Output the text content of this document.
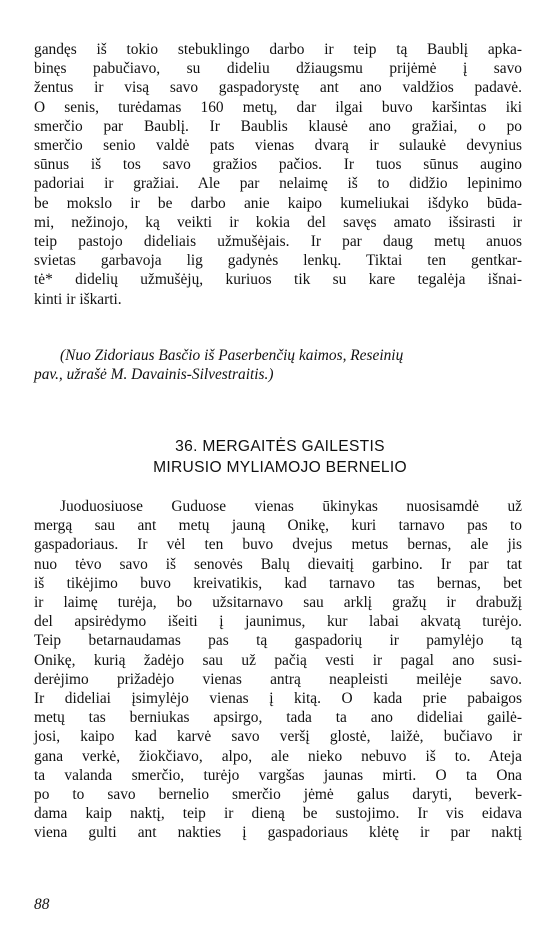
gandęs iš tokio stebuklingo darbo ir teip tą Baublį apka-
binęs pabučiavo, su dideliu džiaugsmu prijėmė į savo
žentus ir visą savo gaspadorystę ant ano valdžios padavė.
O senis, turėdamas 160 metų, dar ilgai buvo karšintas iki
smerčio par Baublį. Ir Baublis klausė ano gražiai, o po
smerčio senio valdė pats vienas dvarą ir sulaukė devynius
sūnus iš tos savo gražios pačios. Ir tuos sūnus augino
padoriai ir gražiai. Ale par nelaimę iš to didžio lepinimo
be mokslo ir be darbo anie kaipo kumeliukai išdyko būda-
mi, nežinojo, ką veikti ir kokia del savęs amato išsirasti ir
teip pastojo dideliais užmušėjais. Ir par daug metų anuos
svietas garbavoja lig gadynės lenkų. Tiktai ten gentkar-
tė* didelių užmušėjų, kuriuos tik su kare tegalėja išnai-
kinti ir iškarti.
(Nuo Zidoriaus Basčio iš Paserbenčių kaimos, Reseinių
pav., užrašė M. Davainis-Silvestraitis.)
36. MERGAITĖS GAILESTIS
MIRUSIO MYLIAMOJO BERNELIO
Juoduosiuose Guduose vienas ūkinykas nuosisamdė už
mergą sau ant metų jauną Onikę, kuri tarnavo pas to
gaspadoriaus. Ir vėl ten buvo dvejus metus bernas, ale jis
nuo tėvo savo iš senovės Balų dievaitį garbino. Ir par tat
iš tikėjimo buvo kreivatikis, kad tarnavo tas bernas, bet
ir laimę turėja, bo užsitarnavo sau arklį gražų ir drabužį
del apsirėdymo išeiti į jaunimus, kur labai akvatą turėjo.
Teip betarnaudamas pas tą gaspadorių ir pamylėjo tą
Onikę, kurią žadėjo sau už pačią vesti ir pagal ano susi-
derėjimo prižadėjo vienas antrą neapleisti meilėje savo.
Ir dideliai įsimylėjo vienas į kitą. O kada prie pabaigos
metų tas berniukas apsirgo, tada ta ano dideliai gailė-
josi, kaipo kad karvė savo veršį glostė, laižė, bučiavo ir
gana verkė, žiokčiavo, alpo, ale nieko nebuvo iš to. Ateja
ta valanda smerčio, turėjo vargšas jaunas mirti. O ta Ona
po to savo bernelio smerčio jėmė galus daryti, beverk-
dama kaip naktį, teip ir dieną be sustojimo. Ir vis eidava
viena gulti ant nakties į gaspadoriaus klėtę ir par naktį
88
